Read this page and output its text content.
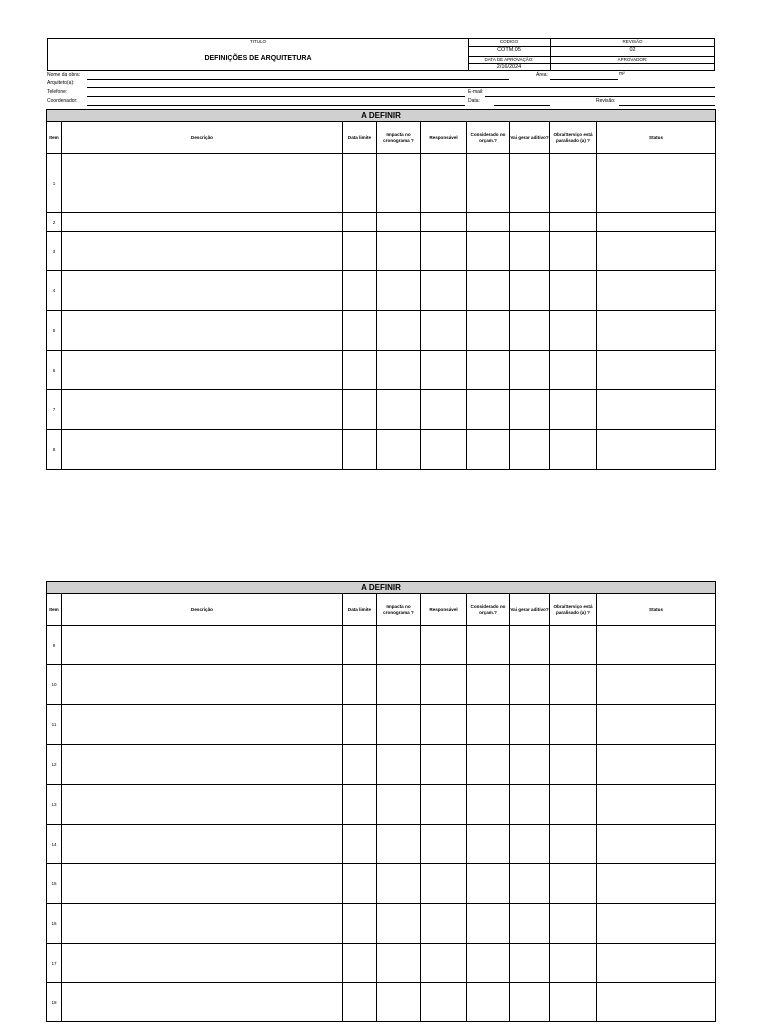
TITULO
DEFINIÇÕES DE ARQUITETURA
CODIGO
COTM.05
DATA DE APROVAÇÃO:
2/16/2024
REVISÃO
02
APROVADOR:
Nome da obra:	Área:	m²
Arquiteto(a):
Telefone:	E-mail:
Coordenador:	Data:	Revisão:
A DEFINIR								
Item	Descrição	Data limite	Impacta no cronograma ?	Responsável	Considerado no orçam.?	Vai gerar aditivo?	Obra/Serviço está paralisado (a) ?	Status
1								
2								
3								
4								
5								
6								
7								
8								
A DEFINIR								
Item	Descrição	Data limite	Impacta no cronograma ?	Responsável	Considerado no orçam.?	Vai gerar aditivo?	Obra/Serviço está paralisado (a) ?	Status
9								
10								
11								
12								
13								
14								
15								
16								
17								
18								
